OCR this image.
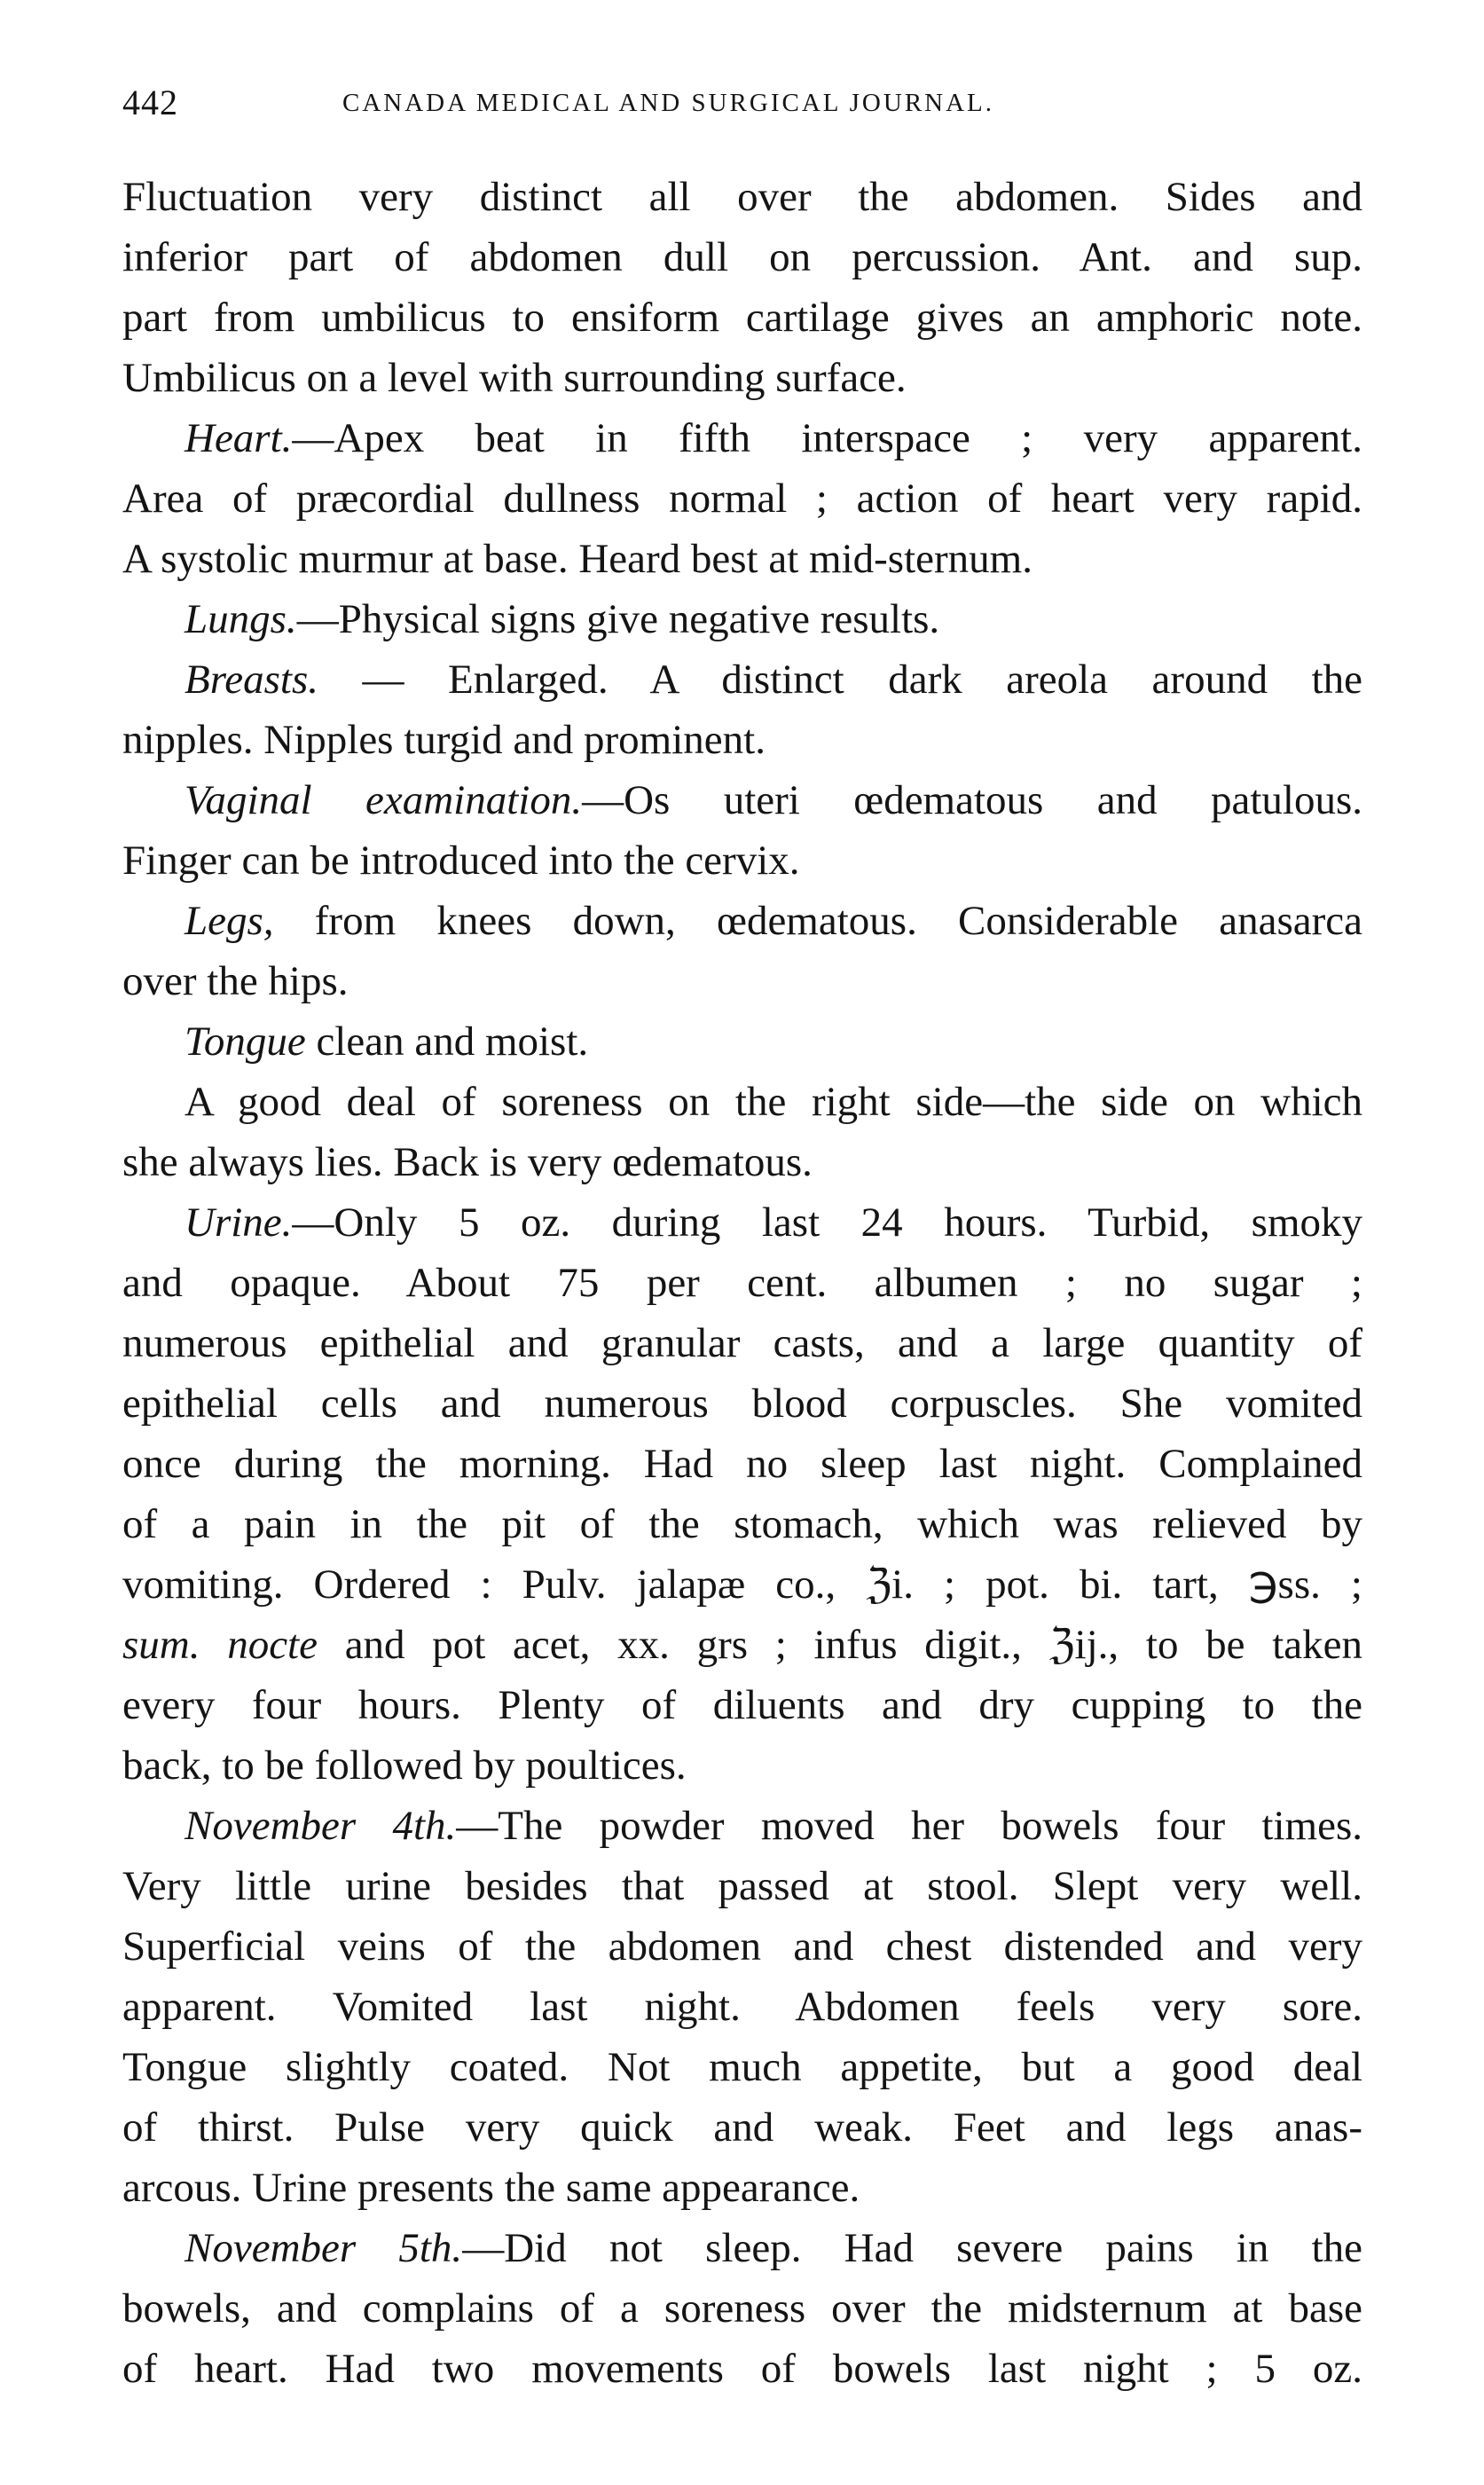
442	CANADA MEDICAL AND SURGICAL JOURNAL.
Fluctuation very distinct all over the abdomen. Sides and
inferior part of abdomen dull on percussion. Ant. and sup.
part from umbilicus to ensiform cartilage gives an amphoric note.
Umbilicus on a level with surrounding surface.
Heart.—Apex beat in fifth interspace ; very apparent.
Area of præcordial dullness normal ; action of heart very rapid.
A systolic murmur at base. Heard best at mid-sternum.
Lungs.—Physical signs give negative results.
Breasts. — Enlarged. A distinct dark areola around the
nipples. Nipples turgid and prominent.
Vaginal examination.—Os uteri œdematous and patulous.
Finger can be introduced into the cervix.
Legs, from knees down, œdematous. Considerable anasarca
over the hips.
Tongue clean and moist.
A good deal of soreness on the right side—the side on which
she always lies. Back is very œdematous.
Urine.—Only 5 oz. during last 24 hours. Turbid, smoky
and opaque. About 75 per cent. albumen ; no sugar ;
numerous epithelial and granular casts, and a large quantity of
epithelial cells and numerous blood corpuscles. She vomited
once during the morning. Had no sleep last night. Complained
of a pain in the pit of the stomach, which was relieved by
vomiting. Ordered : Pulv. jalapæ co., ℨi. ; pot. bi. tart, ℈ss. ;
sum. nocte and pot acet, xx. grs ; infus digit., ℨij., to be taken
every four hours. Plenty of diluents and dry cupping to the
back, to be followed by poultices.
November 4th.—The powder moved her bowels four times.
Very little urine besides that passed at stool. Slept very well.
Superficial veins of the abdomen and chest distended and very
apparent. Vomited last night. Abdomen feels very sore.
Tongue slightly coated. Not much appetite, but a good deal
of thirst. Pulse very quick and weak. Feet and legs anas-
arcous. Urine presents the same appearance.
November 5th.—Did not sleep. Had severe pains in the
bowels, and complains of a soreness over the midsternum at base
of heart. Had two movements of bowels last night ; 5 oz.
